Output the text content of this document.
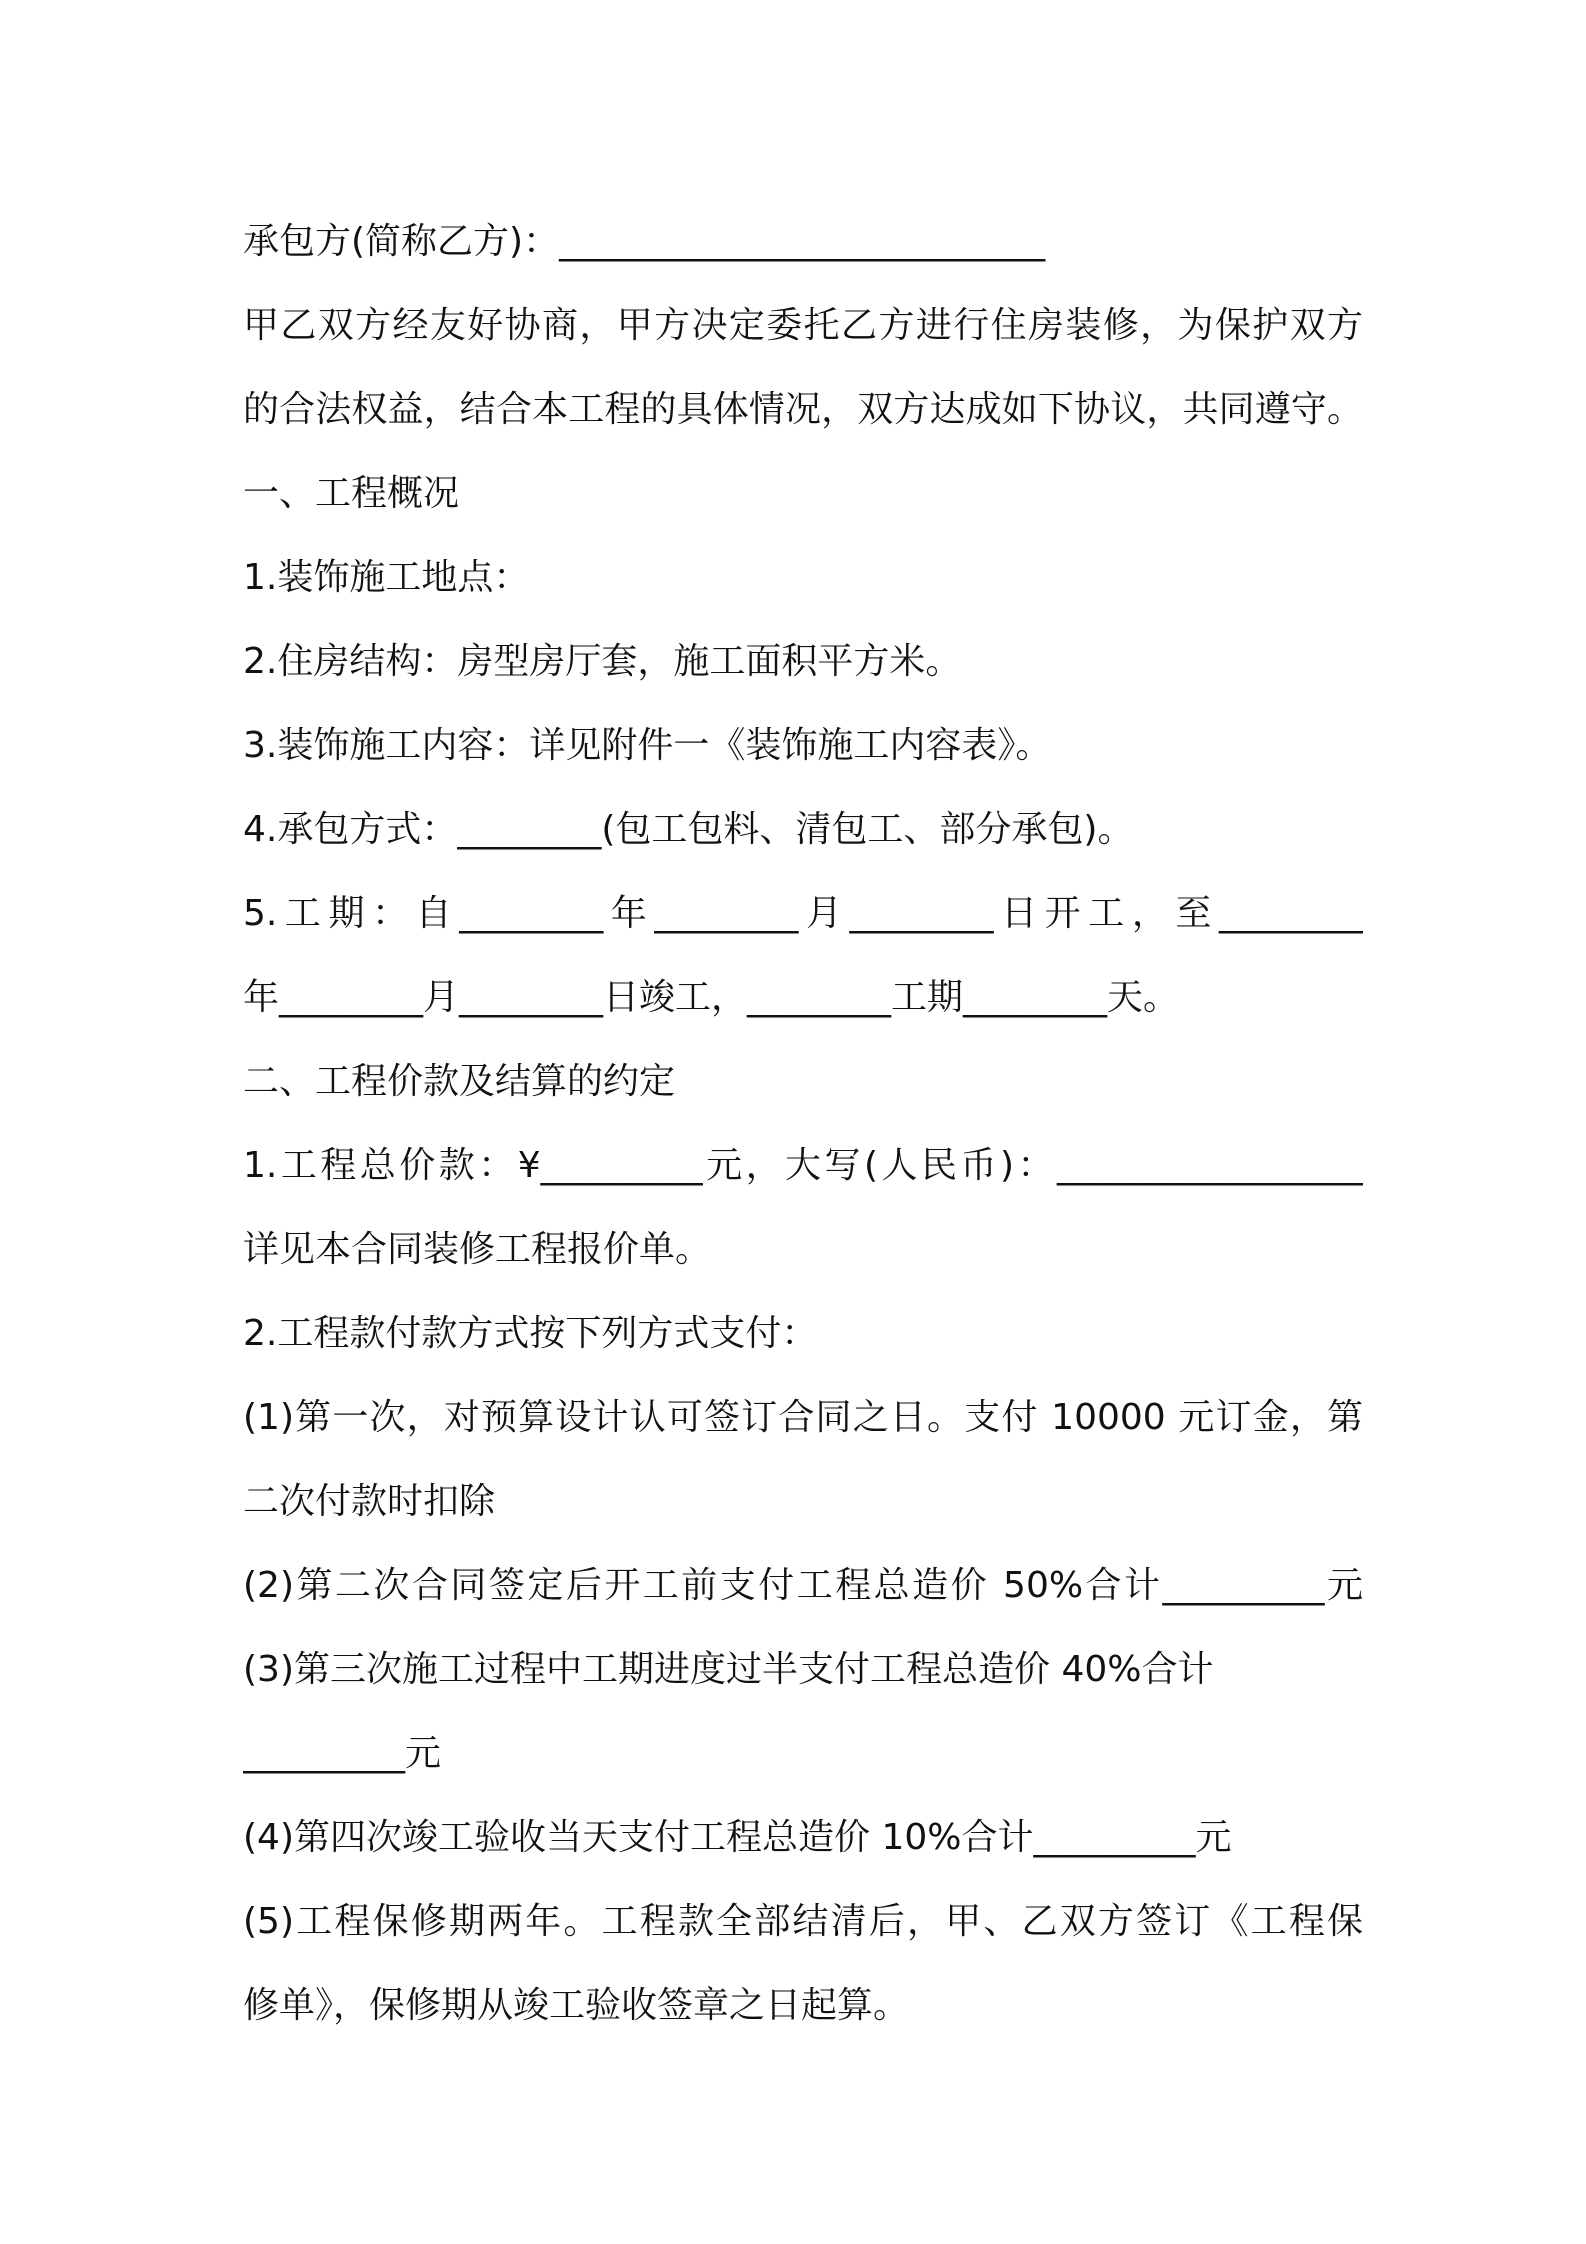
承包方(简称乙方)：___________________________
甲乙双方经友好协商，甲方决定委托乙方进行住房装修，为保护双方
的合法权益，结合本工程的具体情况，双方达成如下协议，共同遵守。
一、工程概况
1.装饰施工地点：
2.住房结构：房型房厅套，施工面积平方米。
3.装饰施工内容：详见附件一《装饰施工内容表》。
4.承包方式：________(包工包料、清包工、部分承包)。
5.工期：自________年________月________日开工，至________
年________月________日竣工，________工期________天。
二、工程价款及结算的约定
1.工程总价款：¥_________元，大写(人民币)：_________________
详见本合同装修工程报价单。
2.工程款付款方式按下列方式支付：
(1)第一次，对预算设计认可签订合同之日。支付 10000 元订金，第
二次付款时扣除
(2)第二次合同签定后开工前支付工程总造价 50%合计_________元
(3)第三次施工过程中工期进度过半支付工程总造价 40%合计
_________元
(4)第四次竣工验收当天支付工程总造价 10%合计_________元
(5)工程保修期两年。工程款全部结清后，甲、乙双方签订《工程保
修单》，保修期从竣工验收签章之日起算。
